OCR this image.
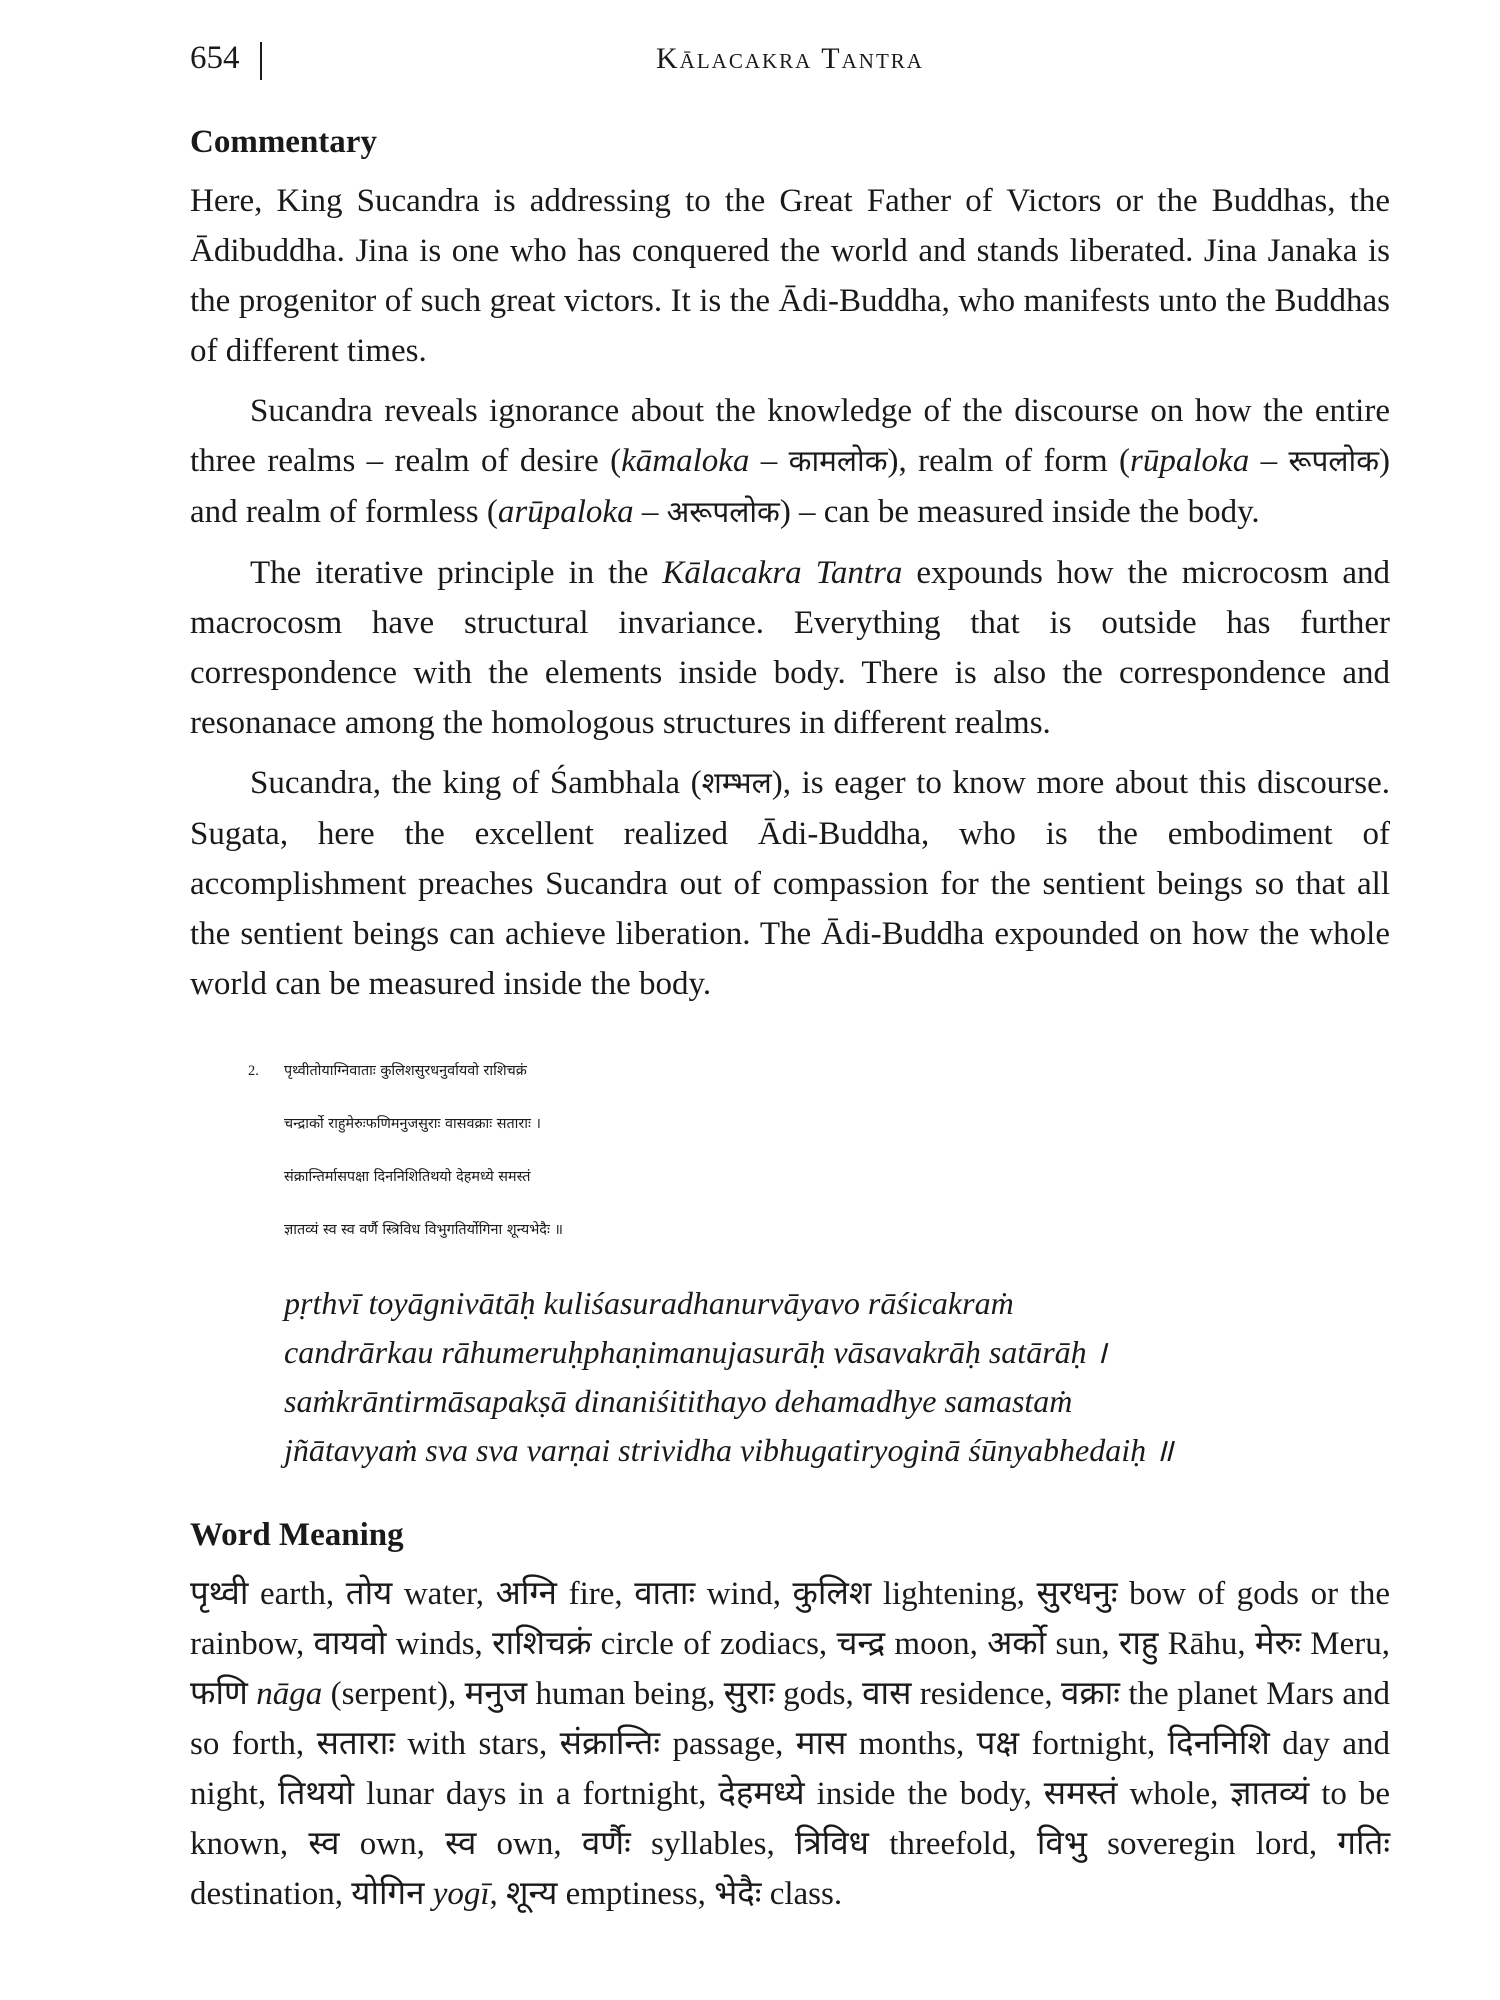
654	Kālacakra Tantra
Commentary

Here, King Sucandra is addressing to the Great Father of Victors or the Buddhas, the Ādibuddha. Jina is one who has conquered the world and stands liberated. Jina Janaka is the progenitor of such great victors. It is the Ādi-Buddha, who manifests unto the Buddhas of different times.

Sucandra reveals ignorance about the knowledge of the discourse on how the entire three realms – realm of desire (kāmaloka – कामलोक), realm of form (rūpaloka – रूपलोक) and realm of formless (arūpaloka – अरूपलोक) – can be measured inside the body.

The iterative principle in the Kālacakra Tantra expounds how the microcosm and macrocosm have structural invariance. Everything that is outside has further correspondence with the elements inside body. There is also the correspondence and resonanace among the homologous structures in different realms.

Sucandra, the king of Śambhala (शम्भल), is eager to know more about this discourse. Sugata, here the excellent realized Ādi-Buddha, who is the embodiment of accomplishment preaches Sucandra out of compassion for the sentient beings so that all the sentient beings can achieve liberation. The Ādi-Buddha expounded on how the whole world can be measured inside the body.

2. पृथ्वीतोयाग्निवाताः कुलिशसुरधनुर्वायवो राशिचक्रं
चन्द्रार्को राहुमेरुःफणिमनुजसुराः वासवक्राः सताराः ।
संक्रान्तिर्मासपक्षा दिननिशितिथयो देहमध्ये समस्तं
ज्ञातव्यं स्व स्व वर्णै स्त्रिविध विभुगतिर्योगिना शून्यभेदैः ॥
pṛthvī toyāgnivātāḥ kuliśasuradhanurvāyavo rāśicakraṁ
candrārkau rāhumeruḥphaṇimanujasurāḥ vāsavakrāḥ satārāḥ ।
saṁkrāntirmāsapakṣā dinaniśitithayo dehamadhye samastaṁ
jñātavyaṁ sva sva varṇai strividha vibhugatiryoginā śūnyabhedaiḥ ॥
Word Meaning

पृथ्वी earth, तोय water, अग्नि fire, वाताः wind, कुलिश lightening, सुरधनुः bow of gods or the rainbow, वायवो winds, राशिचक्रं circle of zodiacs, चन्द्र moon, अर्को sun, राहु Rāhu, मेरुः Meru, फणि nāga (serpent), मनुज human being, सुराः gods, वास residence, वक्राः the planet Mars and so forth, सताराः with stars, संक्रान्तिः passage, मास months, पक्ष fortnight, दिननिशि day and night, तिथयो lunar days in a fortnight, देहमध्ये inside the body, समस्तं whole, ज्ञातव्यं to be known, स्व own, स्व own, वर्णैः syllables, त्रिविध threefold, विभु soveregin lord, गतिः destination, योगिन yogī, शून्य emptiness, भेदैः class.
